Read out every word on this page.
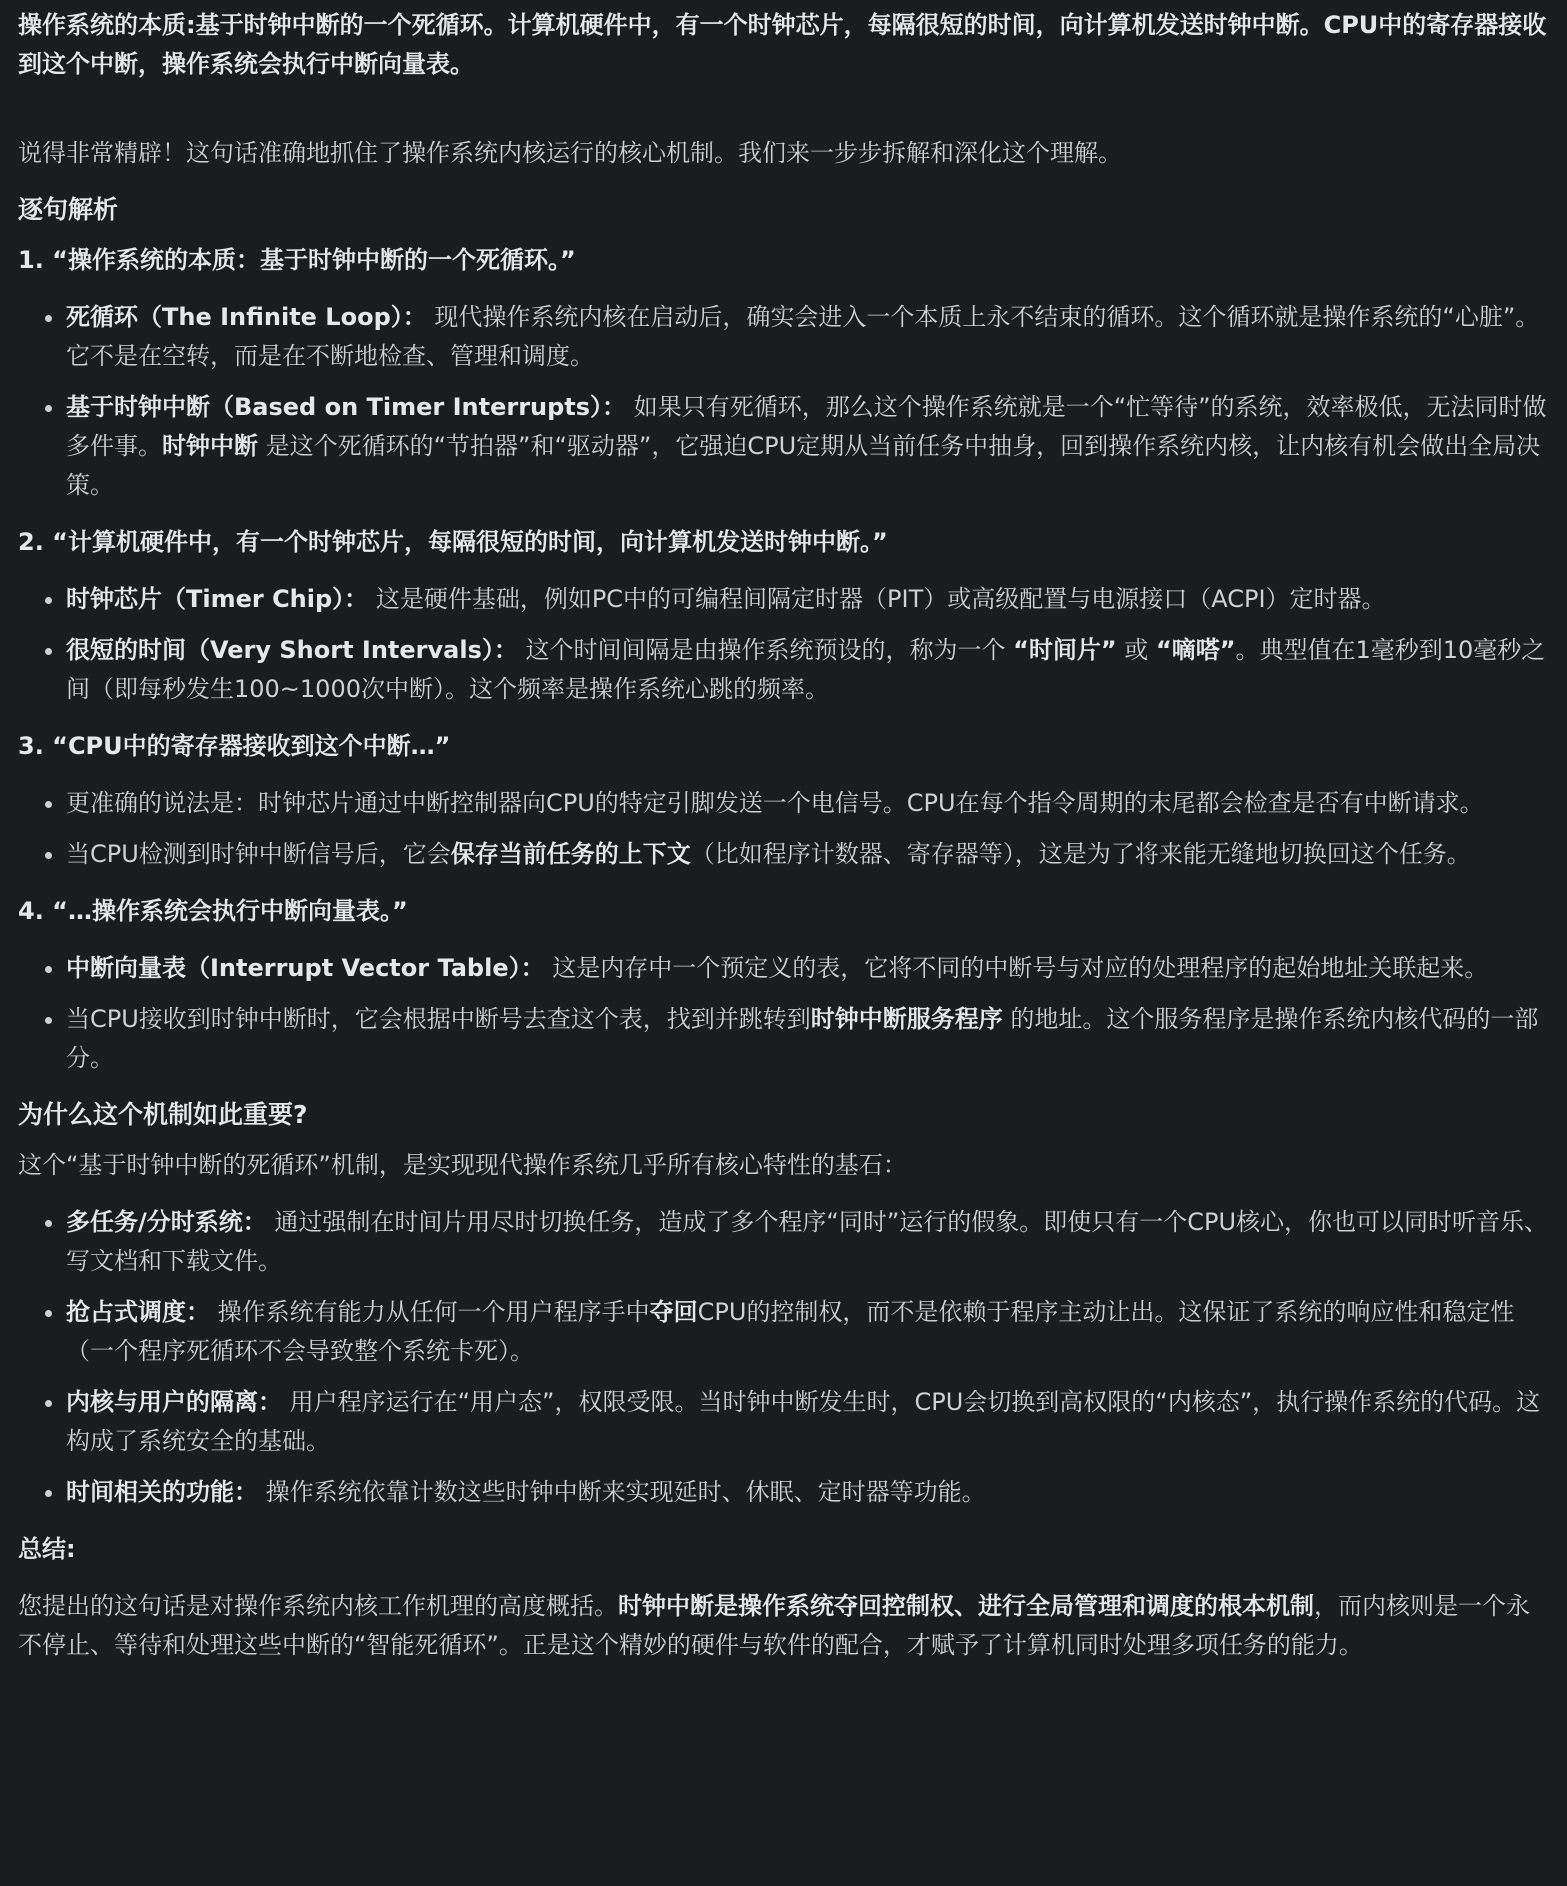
操作系统的本质:基于时钟中断的一个死循环。计算机硬件中，有一个时钟芯片，每隔很短的时间，向计算机发送时钟中断。CPU中的寄存器接收到这个中断，操作系统会执行中断向量表。

说得非常精辟！这句话准确地抓住了操作系统内核运行的核心机制。我们来一步步拆解和深化这个理解。

逐句解析

1. “操作系统的本质：基于时钟中断的一个死循环。”

• 死循环（The Infinite Loop）： 现代操作系统内核在启动后，确实会进入一个本质上永不结束的循环。这个循环就是操作系统的“心脏”。它不是在空转，而是在不断地检查、管理和调度。
• 基于时钟中断（Based on Timer Interrupts）： 如果只有死循环，那么这个操作系统就是一个“忙等待”的系统，效率极低，无法同时做多件事。时钟中断 是这个死循环的“节拍器”和“驱动器”，它强迫CPU定期从当前任务中抽身，回到操作系统内核，让内核有机会做出全局决策。

2. “计算机硬件中，有一个时钟芯片，每隔很短的时间，向计算机发送时钟中断。”

• 时钟芯片（Timer Chip）： 这是硬件基础，例如PC中的可编程间隔定时器（PIT）或高级配置与电源接口（ACPI）定时器。
• 很短的时间（Very Short Intervals）： 这个时间间隔是由操作系统预设的，称为一个 “时间片” 或 “嘀嗒”。典型值在1毫秒到10毫秒之间（即每秒发生100~1000次中断）。这个频率是操作系统心跳的频率。

3. “CPU中的寄存器接收到这个中断…”

• 更准确的说法是：时钟芯片通过中断控制器向CPU的特定引脚发送一个电信号。CPU在每个指令周期的末尾都会检查是否有中断请求。
• 当CPU检测到时钟中断信号后，它会保存当前任务的上下文（比如程序计数器、寄存器等），这是为了将来能无缝地切换回这个任务。

4. “…操作系统会执行中断向量表。”

• 中断向量表（Interrupt Vector Table）： 这是内存中一个预定义的表，它将不同的中断号与对应的处理程序的起始地址关联起来。
• 当CPU接收到时钟中断时，它会根据中断号去查这个表，找到并跳转到时钟中断服务程序 的地址。这个服务程序是操作系统内核代码的一部分。
为什么这个机制如此重要?

这个“基于时钟中断的死循环”机制，是实现现代操作系统几乎所有核心特性的基石：

• 多任务/分时系统： 通过强制在时间片用尽时切换任务，造成了多个程序“同时”运行的假象。即使只有一个CPU核心，你也可以同时听音乐、写文档和下载文件。
• 抢占式调度： 操作系统有能力从任何一个用户程序手中夺回CPU的控制权，而不是依赖于程序主动让出。这保证了系统的响应性和稳定性（一个程序死循环不会导致整个系统卡死）。
• 内核与用户的隔离： 用户程序运行在“用户态”，权限受限。当时钟中断发生时，CPU会切换到高权限的“内核态”，执行操作系统的代码。这构成了系统安全的基础。
• 时间相关的功能： 操作系统依靠计数这些时钟中断来实现延时、休眠、定时器等功能。

总结:

您提出的这句话是对操作系统内核工作机理的高度概括。时钟中断是操作系统夺回控制权、进行全局管理和调度的根本机制，而内核则是一个永不停止、等待和处理这些中断的“智能死循环”。正是这个精妙的硬件与软件的配合，才赋予了计算机同时处理多项任务的能力。
